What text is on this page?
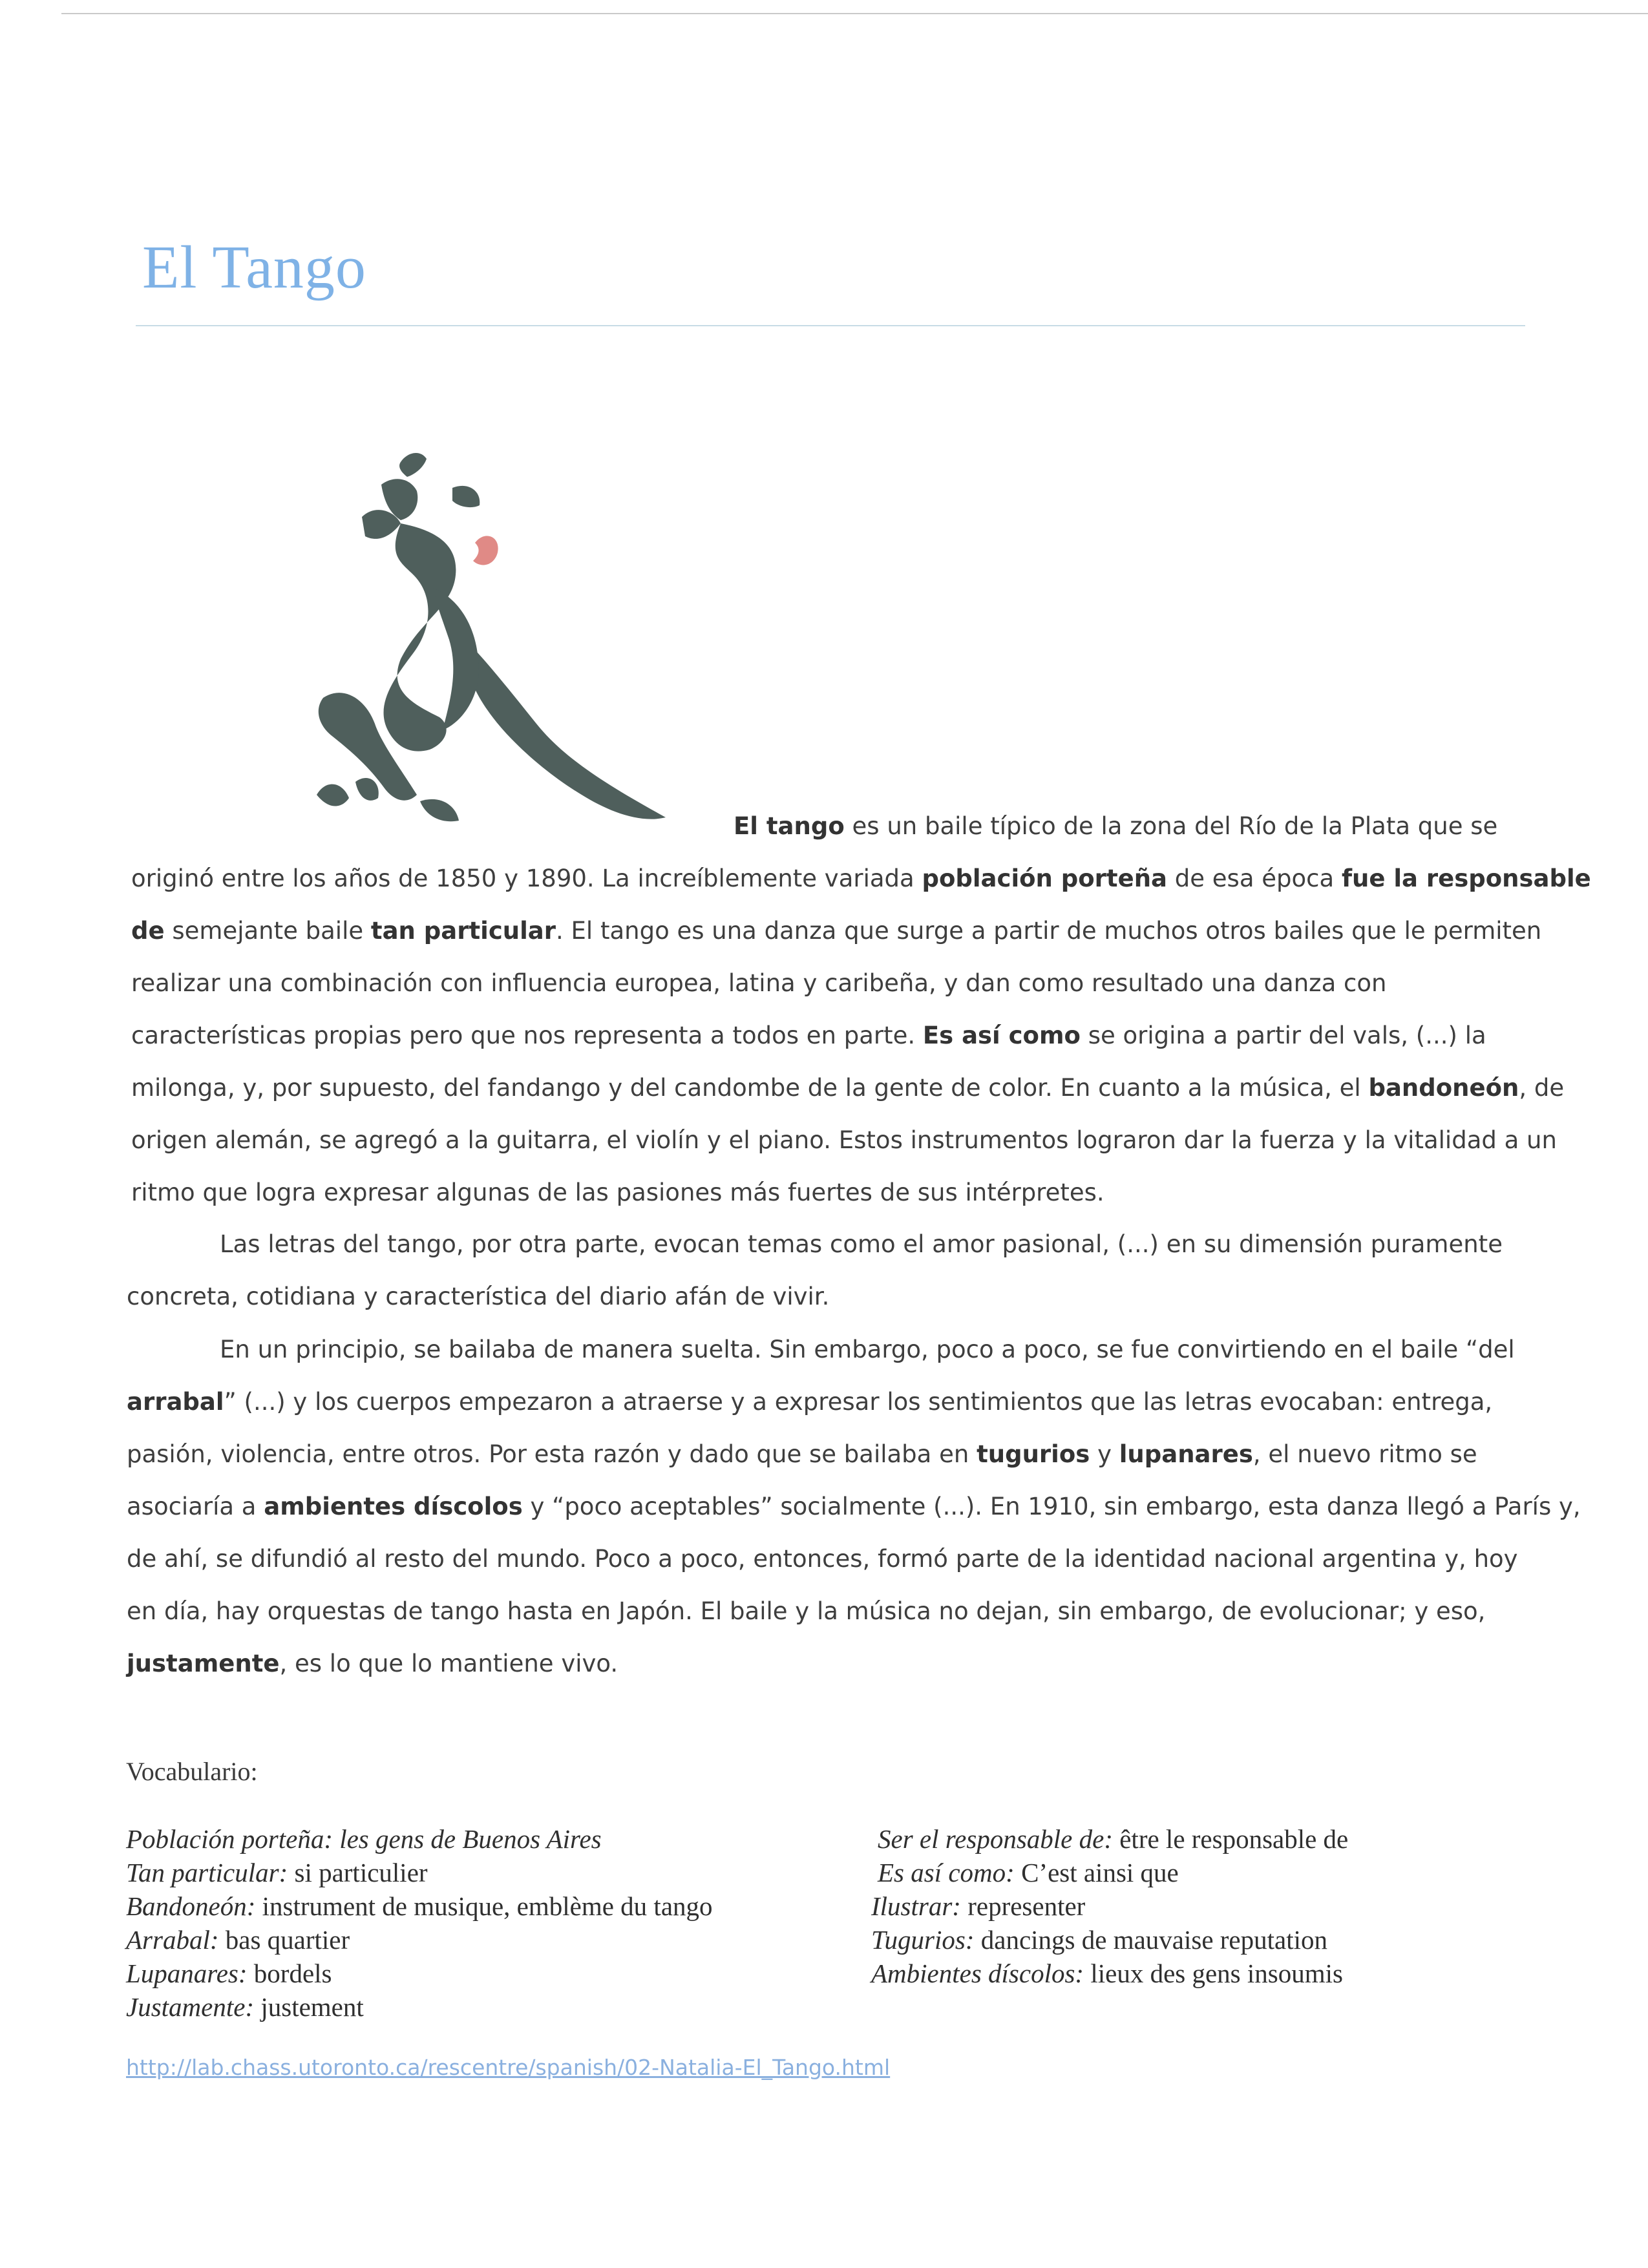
El Tango
El tango es un baile típico de la zona del Río de la Plata que se
originó entre los años de 1850 y 1890. La increíblemente variada población porteña de esa época fue la responsable
de semejante baile tan particular. El tango es una danza que surge a partir de muchos otros bailes que le permiten
realizar una combinación con influencia europea, latina y caribeña, y dan como resultado una danza con
características propias pero que nos representa a todos en parte. Es así como se origina a partir del vals, (...) la
milonga, y, por supuesto, del fandango y del candombe de la gente de color. En cuanto a la música, el bandoneón, de
origen alemán, se agregó a la guitarra, el violín y el piano. Estos instrumentos lograron dar la fuerza y la vitalidad a un
ritmo que logra expresar algunas de las pasiones más fuertes de sus intérpretes.
Las letras del tango, por otra parte, evocan temas como el amor pasional, (...) en su dimensión puramente
concreta, cotidiana y característica del diario afán de vivir.
En un principio, se bailaba de manera suelta. Sin embargo, poco a poco, se fue convirtiendo en el baile “del
arrabal” (...) y los cuerpos empezaron a atraerse y a expresar los sentimientos que las letras evocaban: entrega,
pasión, violencia, entre otros. Por esta razón y dado que se bailaba en tugurios y lupanares, el nuevo ritmo se
asociaría a ambientes díscolos y “poco aceptables” socialmente (...). En 1910, sin embargo, esta danza llegó a París y,
de ahí, se difundió al resto del mundo. Poco a poco, entonces, formó parte de la identidad nacional argentina y, hoy
en día, hay orquestas de tango hasta en Japón. El baile y la música no dejan, sin embargo, de evolucionar; y eso,
justamente, es lo que lo mantiene vivo.
Vocabulario:
Población porteña: les gens de Buenos Aires
Tan particular: si particulier
Bandoneón: instrument de musique, emblème du tango
Arrabal: bas quartier
Lupanares: bordels
Justamente: justement
Ser el responsable de: être le responsable de
Es así como: C’est ainsi que
Ilustrar: representer
Tugurios: dancings de mauvaise reputation
Ambientes díscolos: lieux des gens insoumis
http://lab.chass.utoronto.ca/rescentre/spanish/02-Natalia-El_Tango.html
